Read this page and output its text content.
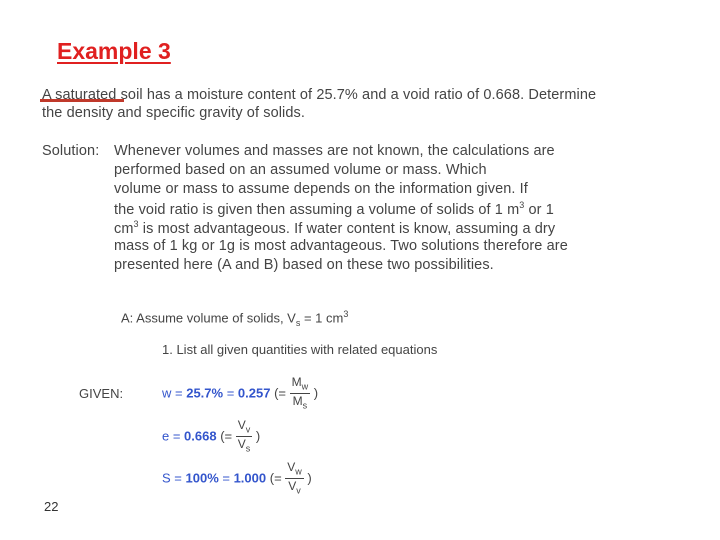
Example 3
A saturated soil has a moisture content of 25.7% and a void ratio of 0.668. Determine
the density and specific gravity of solids.
Solution: Whenever volumes and masses are not known, the calculations are
performed based on an assumed volume or mass. Which
volume or mass to assume depends on the information given. If
the void ratio is given then assuming a volume of solids of 1 $m^3$ or 1
$cm^3$ is most advantageous. If water content is know, assuming a dry
mass of 1 kg or 1g is most advantageous. Two solutions therefore are
presented here (A and B) based on these two possibilities.
A: Assume volume of solids, $V_s = 1$ $cm^3$
1. List all given quantities with related equations
GIVEN:	w = 25.7% = 0.257 (= $\frac{M_w}{M_s}$ )
e = 0.668 (= $\frac{V_v}{V_s}$ )
S = 100% = 1.000 (= $\frac{V_w}{V_v}$ )
22
